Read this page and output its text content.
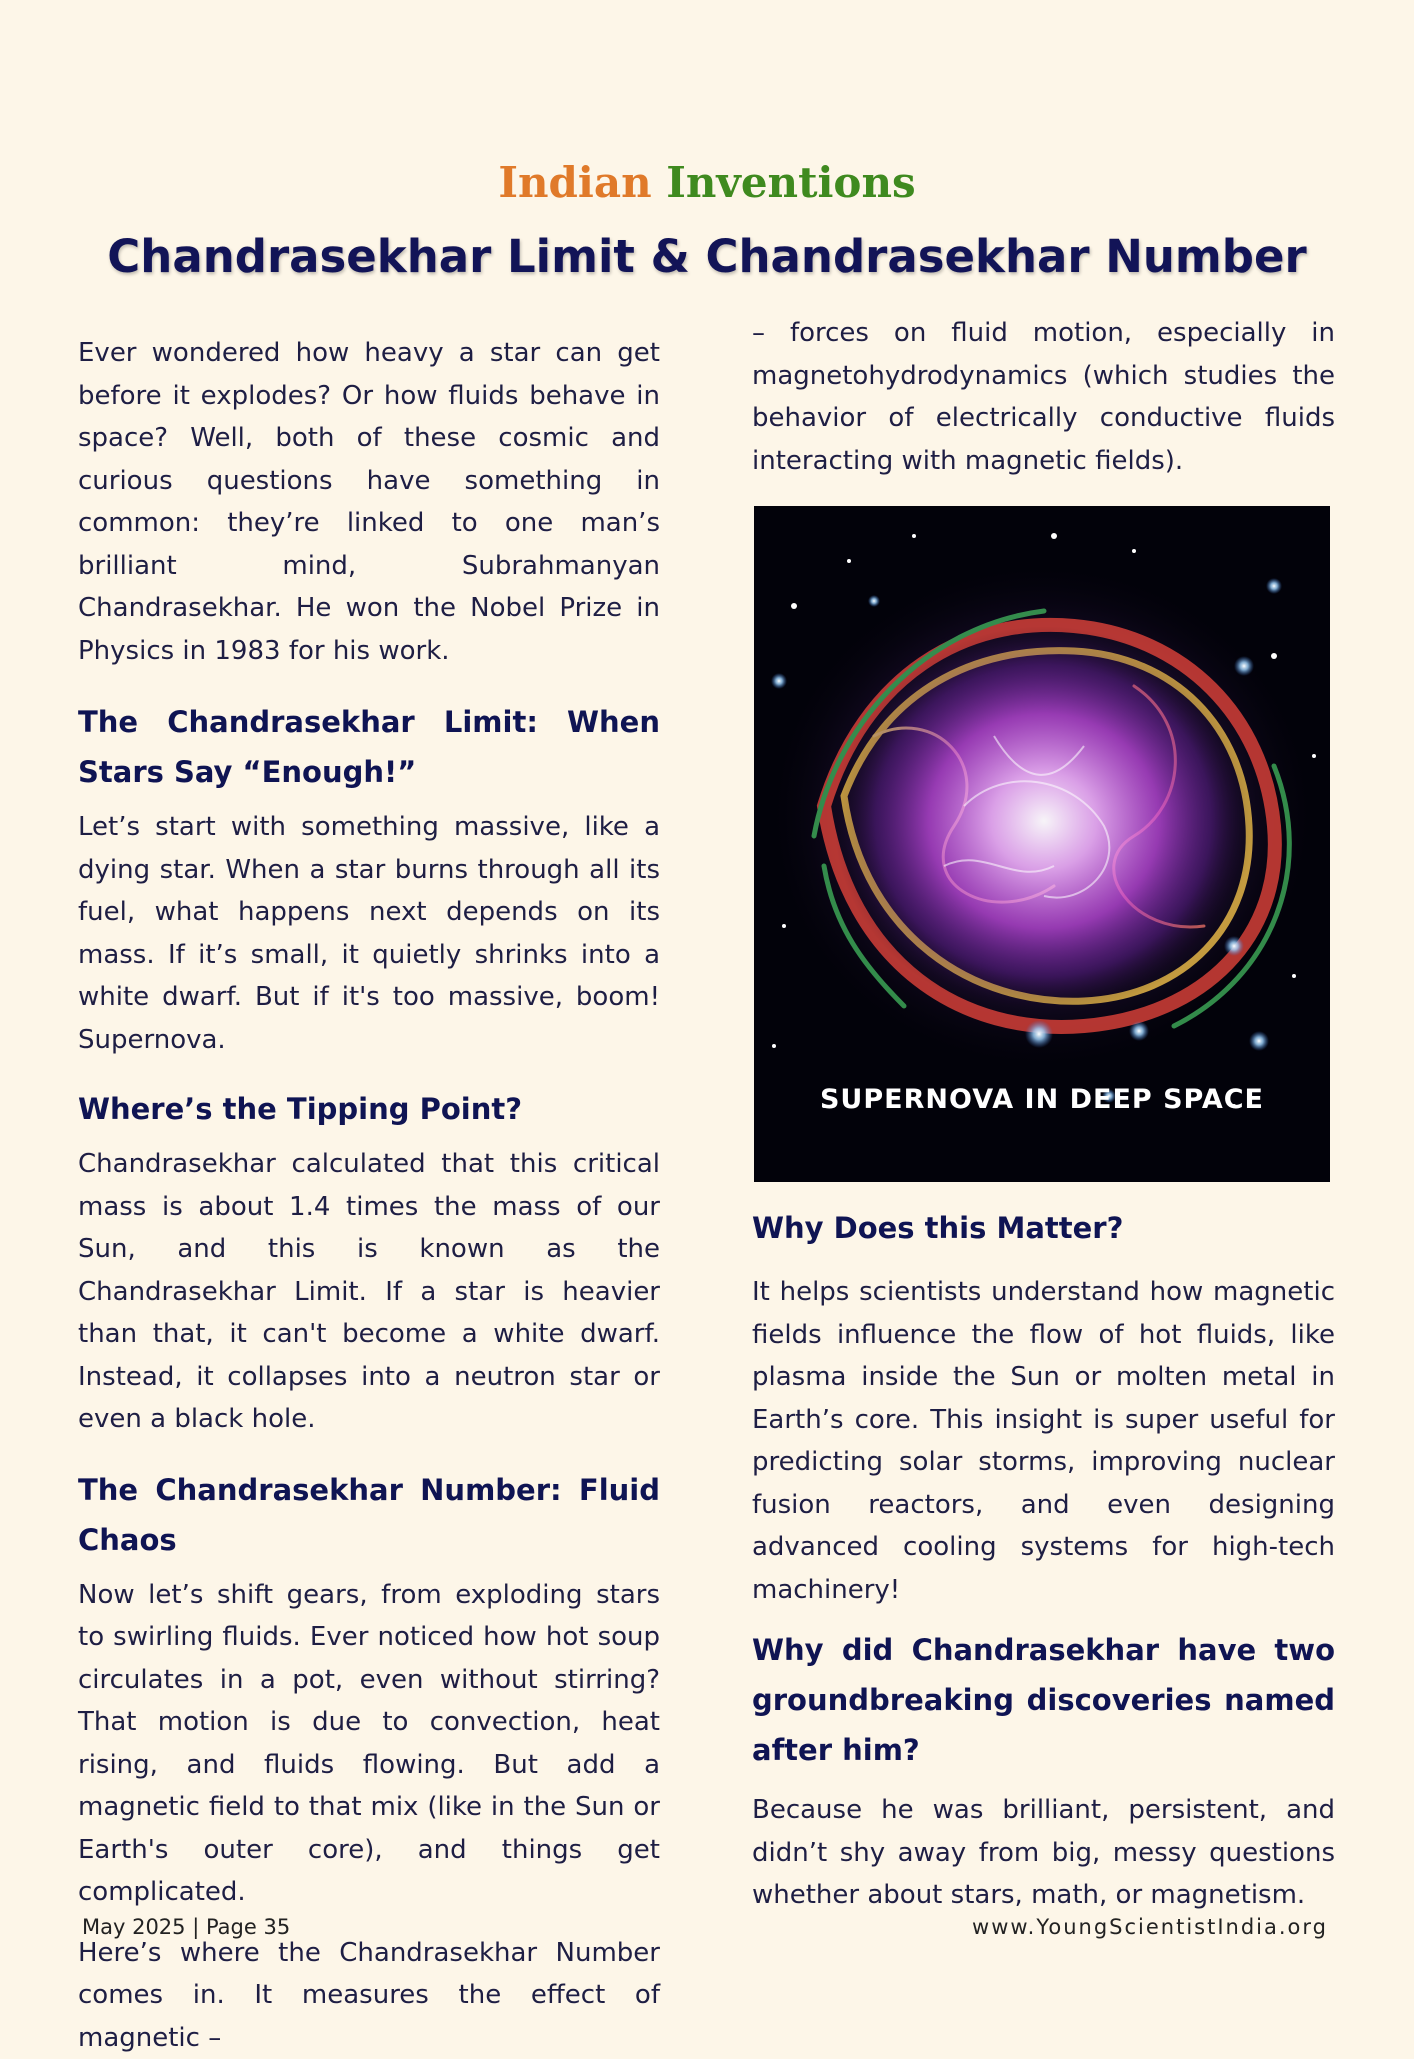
Indian Inventions
Chandrasekhar Limit & Chandrasekhar Number

Ever wondered how heavy a star can get before it explodes? Or how fluids behave in space? Well, both of these cosmic and curious questions have something in common: they’re linked to one man’s brilliant mind, Subrahmanyan Chandrasekhar. He won the Nobel Prize in Physics in 1983 for his work.

The Chandrasekhar Limit: When Stars Say “Enough!”

Let’s start with something massive, like a dying star. When a star burns through all its fuel, what happens next depends on its mass. If it’s small, it quietly shrinks into a white dwarf. But if it's too massive, boom! Supernova.

Where’s the Tipping Point?

Chandrasekhar calculated that this critical mass is about 1.4 times the mass of our Sun, and this is known as the Chandrasekhar Limit. If a star is heavier than that, it can't become a white dwarf. Instead, it collapses into a neutron star or even a black hole.

The Chandrasekhar Number: Fluid Chaos

Now let’s shift gears, from exploding stars to swirling fluids. Ever noticed how hot soup circulates in a pot, even without stirring? That motion is due to convection, heat rising, and fluids flowing. But add a magnetic field to that mix (like in the Sun or Earth's outer core), and things get complicated.

Here’s where the Chandrasekhar Number comes in. It measures the effect of magnetic –

– forces on fluid motion, especially in magnetohydrodynamics (which studies the behavior of electrically conductive fluids interacting with magnetic fields).

SUPERNOVA IN DEEP SPACE
Why Does this Matter?

It helps scientists understand how magnetic fields influence the flow of hot fluids, like plasma inside the Sun or molten metal in Earth’s core. This insight is super useful for predicting solar storms, improving nuclear fusion reactors, and even designing advanced cooling systems for high-tech machinery!

Why did Chandrasekhar have two groundbreaking discoveries named after him?

Because he was brilliant, persistent, and didn’t shy away from big, messy questions whether about stars, math, or magnetism.

May 2025 | Page 35	www.YoungScientistIndia.org
